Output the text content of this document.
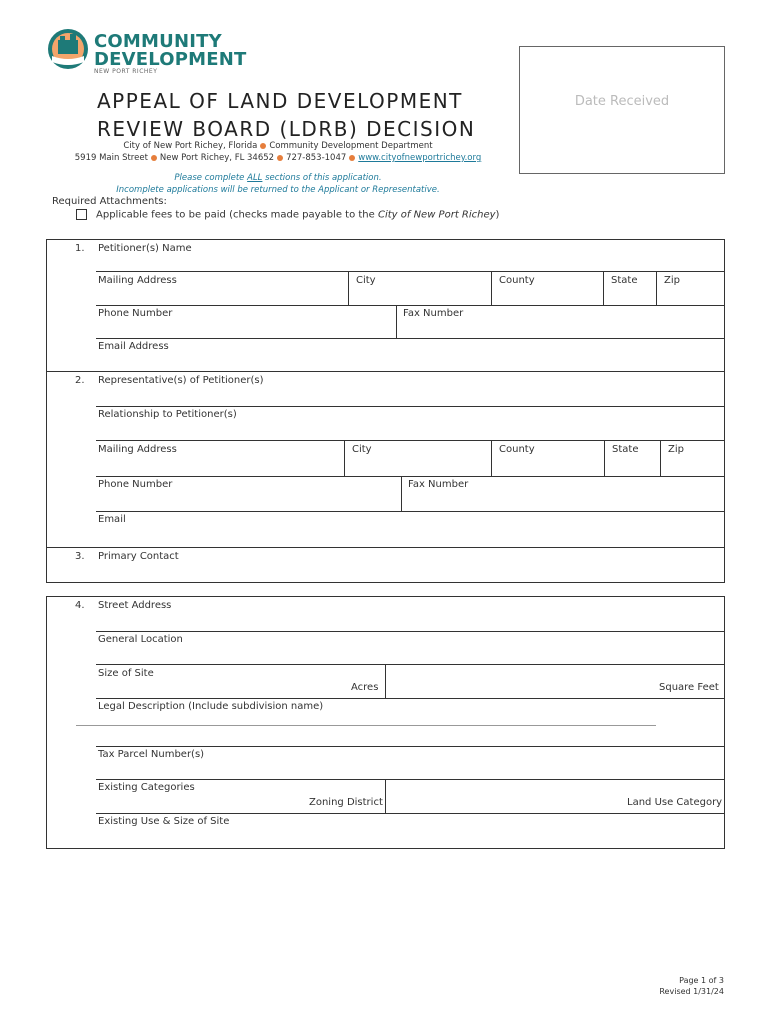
COMMUNITY
DEVELOPMENT
NEW PORT RICHEY
Date Received
APPEAL OF LAND DEVELOPMENT
REVIEW BOARD (LDRB) DECISION
City of New Port Richey, Florida Community Development Department
5919 Main Street New Port Richey, FL 34652 727-853-1047 www.cityofnewportrichey.org
Please complete ALL sections of this application.
Incomplete applications will be returned to the Applicant or Representative.
Required Attachments:
Applicable fees to be paid (checks made payable to the City of New Port Richey)
1. Petitioner(s) Name
Mailing Address	City	County	State	Zip
Phone Number	Fax Number
Email Address
2. Representative(s) of Petitioner(s)
Relationship to Petitioner(s)
Mailing Address	City	County	State	Zip
Phone Number	Fax Number
Email
3. Primary Contact
4. Street Address
General Location
Size of Site
Acres	Square Feet
Legal Description (Include subdivision name)
Tax Parcel Number(s)
Existing Categories
Zoning District	Land Use Category
Existing Use & Size of Site
Page 1 of 3
Revised 1/31/24
